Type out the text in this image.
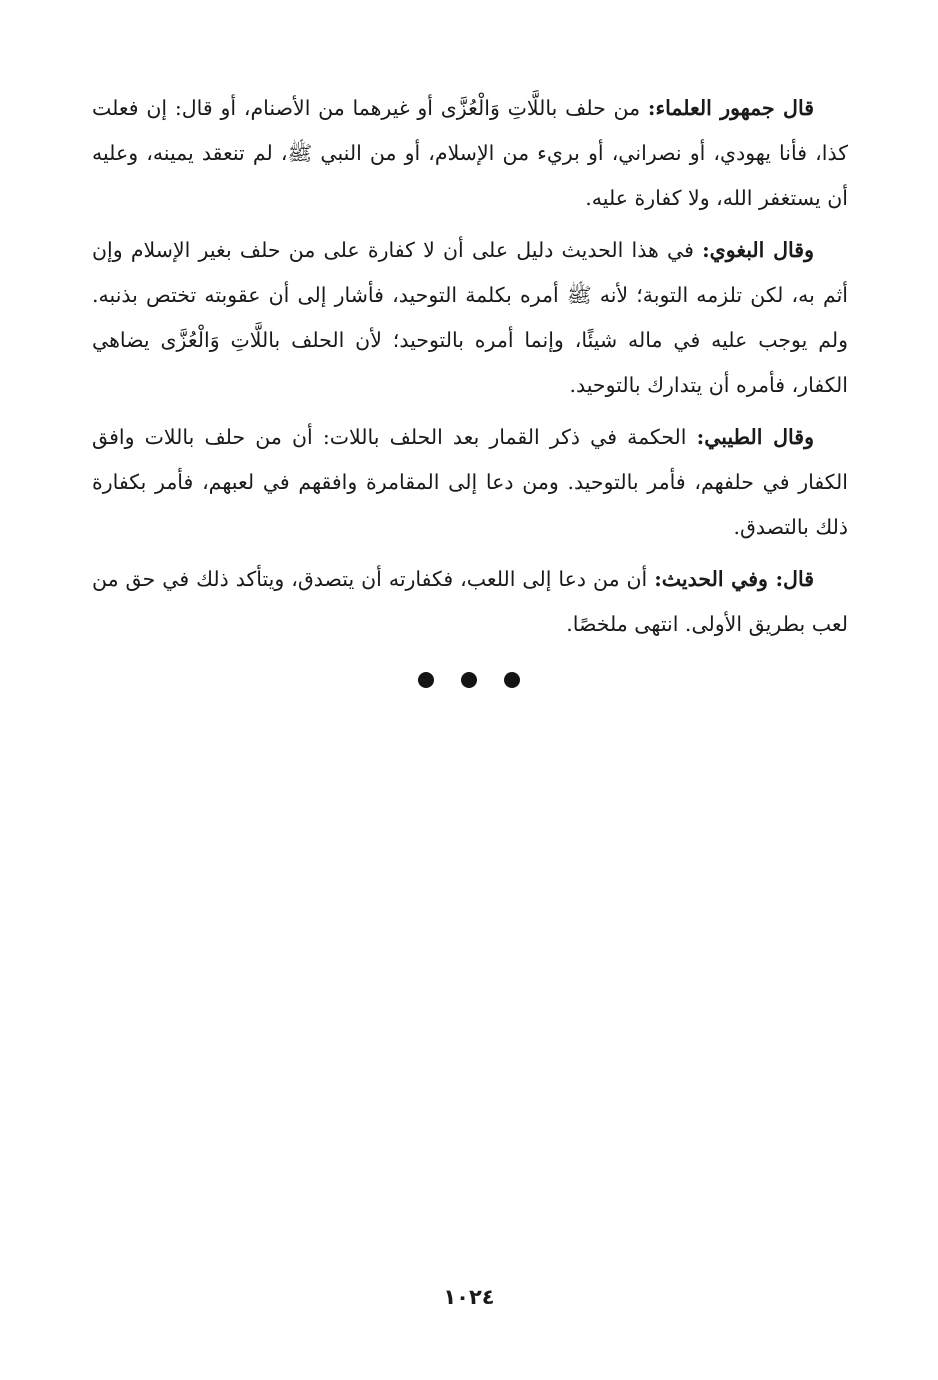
قال جمهور العلماء: من حلف باللَّاتِ وَالْعُزَّى أو غيرهما من الأصنام، أو قال: إن فعلت كذا، فأنا يهودي، أو نصراني، أو بريء من الإسلام، أو من النبي ﷺ، لم تنعقد يمينه، وعليه أن يستغفر الله، ولا كفارة عليه.

وقال البغوي: في هذا الحديث دليل على أن لا كفارة على من حلف بغير الإسلام وإن أثم به، لكن تلزمه التوبة؛ لأنه ﷺ أمره بكلمة التوحيد، فأشار إلى أن عقوبته تختص بذنبه. ولم يوجب عليه في ماله شيئًا، وإنما أمره بالتوحيد؛ لأن الحلف باللَّاتِ وَالْعُزَّى يضاهي الكفار، فأمره أن يتدارك بالتوحيد.

وقال الطيبي: الحكمة في ذكر القمار بعد الحلف باللات: أن من حلف باللات وافق الكفار في حلفهم، فأمر بالتوحيد. ومن دعا إلى المقامرة وافقهم في لعبهم، فأمر بكفارة ذلك بالتصدق.

قال: وفي الحديث: أن من دعا إلى اللعب، فكفارته أن يتصدق، ويتأكد ذلك في حق من لعب بطريق الأولى. انتهى ملخصًا.

١٠٢٤
